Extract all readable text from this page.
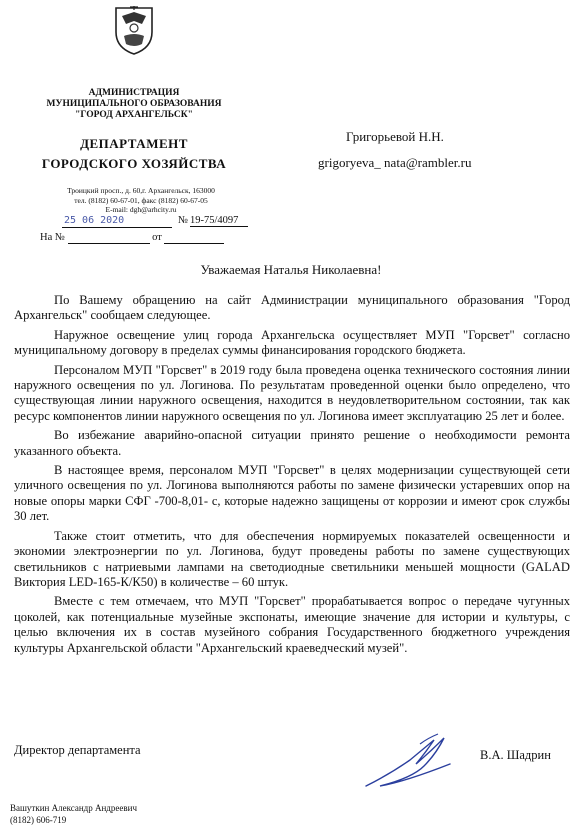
АДМИНИСТРАЦИЯ
МУНИЦИПАЛЬНОГО ОБРАЗОВАНИЯ
"ГОРОД АРХАНГЕЛЬСК"
ДЕПАРТАМЕНТ
ГОРОДСКОГО ХОЗЯЙСТВА
Троицкий просп., д. 60,г. Архангельск, 163000
тел. (8182) 60-67-01, факс (8182) 60-67-05
E-mail: dgh@arhcity.ru
25 06 2020	№ 19-75/4097
На №	от
Григорьевой Н.Н.
grigoryeva_ nata@rambler.ru
Уважаемая Наталья Николаевна!

По Вашему обращению на сайт Администрации муниципального образования "Город Архангельск" сообщаем следующее.

Наружное освещение улиц города Архангельска осуществляет МУП "Горсвет" согласно муниципальному договору в пределах суммы финансирования городского бюджета.

Персоналом МУП "Горсвет" в 2019 году была проведена оценка технического состояния линии наружного освещения по ул. Логинова. По результатам проведенной оценки было определено, что существующая линии наружного освещения, находится в неудовлетворительном состоянии, так как ресурс компонентов линии наружного освещения по ул. Логинова имеет эксплуатацию 25 лет и более.

Во избежание аварийно-опасной ситуации принято решение о необходимости ремонта указанного объекта.

В настоящее время, персоналом МУП "Горсвет" в целях модернизации существующей сети уличного освещения по ул. Логинова выполняются работы по замене физически устаревших опор на новые опоры марки СФГ -700-8,01- с, которые надежно защищены от коррозии и имеют срок службы 30 лет.

Также стоит отметить, что для обеспечения нормируемых показателей освещенности и экономии электроэнергии по ул. Логинова, будут проведены работы по замене существующих светильников с натриевыми лампами на светодиодные светильники меньшей мощности (GALAD Виктория LED-165-К/К50) в количестве – 60 штук.

Вместе с тем отмечаем, что МУП "Горсвет" прорабатывается вопрос о передаче чугунных цоколей, как потенциальные музейные экспонаты, имеющие значение для истории и культуры, с целью включения их в состав музейного собрания Государственного бюджетного учреждения культуры Архангельской области "Архангельский краеведческий музей".

Директор департамента	В.А. Шадрин
Вашуткин Александр Андреевич
(8182) 606-719
